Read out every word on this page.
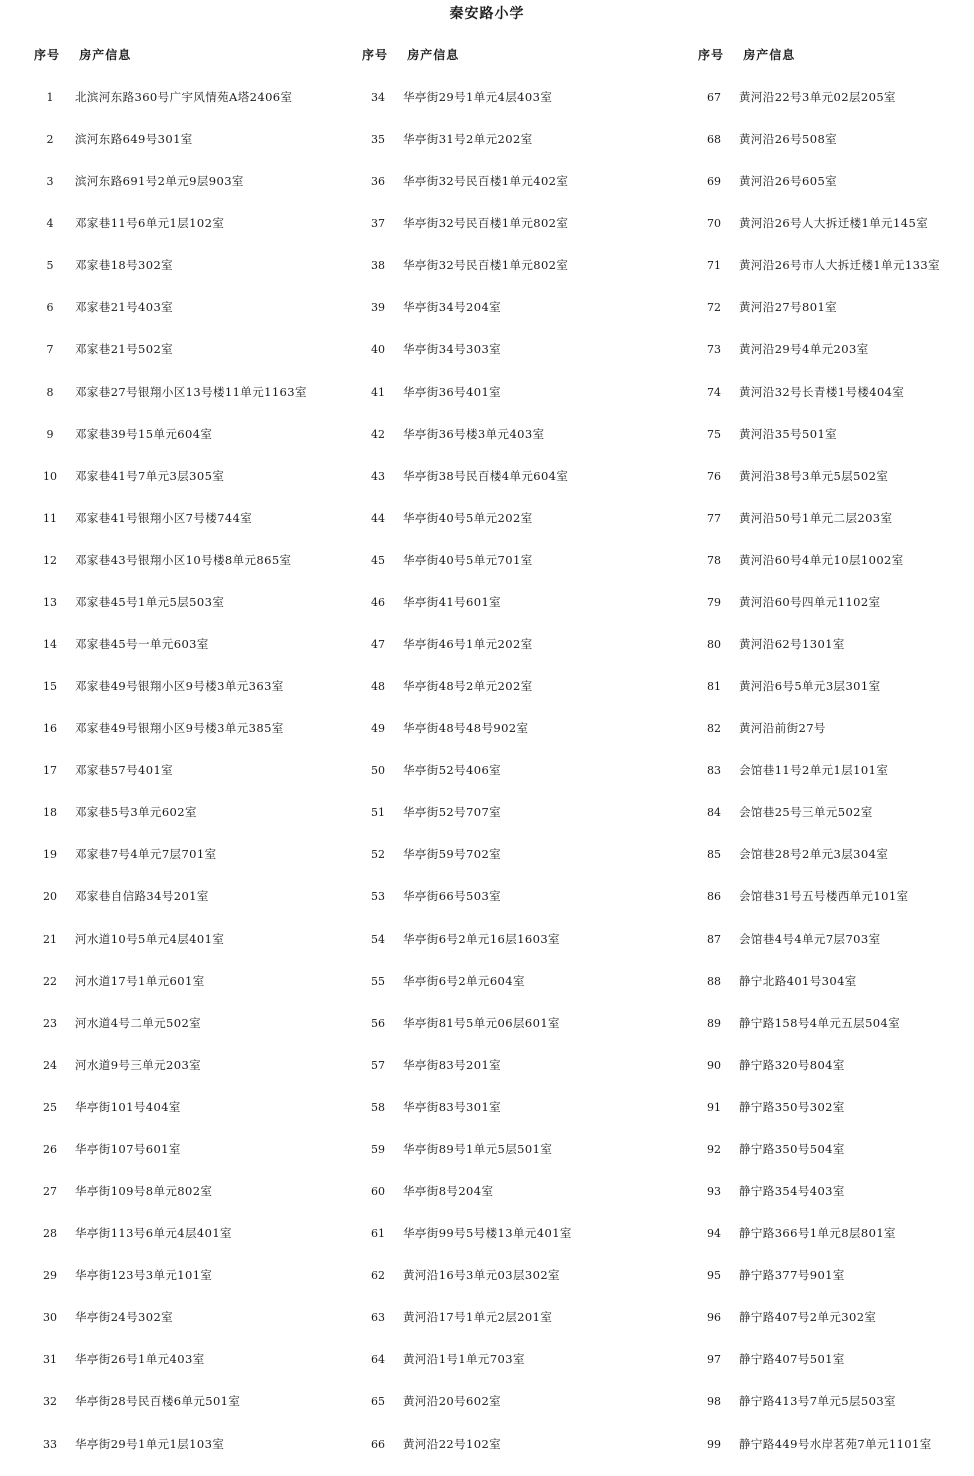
秦安路小学
序号 房产信息
1 北滨河东路360号广宇风情苑A塔2406室
2 滨河东路649号301室
3 滨河东路691号2单元9层903室
4 邓家巷11号6单元1层102室
5 邓家巷18号302室
6 邓家巷21号403室
7 邓家巷21号502室
8 邓家巷27号银翔小区13号楼11单元1163室
9 邓家巷39号15单元604室
10 邓家巷41号7单元3层305室
11 邓家巷41号银翔小区7号楼744室
12 邓家巷43号银翔小区10号楼8单元865室
13 邓家巷45号1单元5层503室
14 邓家巷45号一单元603室
15 邓家巷49号银翔小区9号楼3单元363室
16 邓家巷49号银翔小区9号楼3单元385室
17 邓家巷57号401室
18 邓家巷5号3单元602室
19 邓家巷7号4单元7层701室
20 邓家巷自信路34号201室
21 河水道10号5单元4层401室
22 河水道17号1单元601室
23 河水道4号二单元502室
24 河水道9号三单元203室
25 华亭街101号404室
26 华亭街107号601室
27 华亭街109号8单元802室
28 华亭街113号6单元4层401室
29 华亭街123号3单元101室
30 华亭街24号302室
31 华亭街26号1单元403室
32 华亭街28号民百楼6单元501室
33 华亭街29号1单元1层103室
序号 房产信息
34 华亭街29号1单元4层403室
35 华亭街31号2单元202室
36 华亭街32号民百楼1单元402室
37 华亭街32号民百楼1单元802室
38 华亭街32号民百楼1单元802室
39 华亭街34号204室
40 华亭街34号303室
41 华亭街36号401室
42 华亭街36号楼3单元403室
43 华亭街38号民百楼4单元604室
44 华亭街40号5单元202室
45 华亭街40号5单元701室
46 华亭街41号601室
47 华亭街46号1单元202室
48 华亭街48号2单元202室
49 华亭街48号48号902室
50 华亭街52号406室
51 华亭街52号707室
52 华亭街59号702室
53 华亭街66号503室
54 华亭街6号2单元16层1603室
55 华亭街6号2单元604室
56 华亭街81号5单元06层601室
57 华亭街83号201室
58 华亭街83号301室
59 华亭街89号1单元5层501室
60 华亭街8号204室
61 华亭街99号5号楼13单元401室
62 黄河沿16号3单元03层302室
63 黄河沿17号1单元2层201室
64 黄河沿1号1单元703室
65 黄河沿20号602室
66 黄河沿22号102室
序号 房产信息
67 黄河沿22号3单元02层205室
68 黄河沿26号508室
69 黄河沿26号605室
70 黄河沿26号人大拆迁楼1单元145室
71 黄河沿26号市人大拆迁楼1单元133室
72 黄河沿27号801室
73 黄河沿29号4单元203室
74 黄河沿32号长青楼1号楼404室
75 黄河沿35号501室
76 黄河沿38号3单元5层502室
77 黄河沿50号1单元二层203室
78 黄河沿60号4单元10层1002室
79 黄河沿60号四单元1102室
80 黄河沿62号1301室
81 黄河沿6号5单元3层301室
82 黄河沿前街27号
83 会馆巷11号2单元1层101室
84 会馆巷25号三单元502室
85 会馆巷28号2单元3层304室
86 会馆巷31号五号楼西单元101室
87 会馆巷4号4单元7层703室
88 静宁北路401号304室
89 静宁路158号4单元五层504室
90 静宁路320号804室
91 静宁路350号302室
92 静宁路350号504室
93 静宁路354号403室
94 静宁路366号1单元8层801室
95 静宁路377号901室
96 静宁路407号2单元302室
97 静宁路407号501室
98 静宁路413号7单元5层503室
99 静宁路449号水岸茗苑7单元1101室
